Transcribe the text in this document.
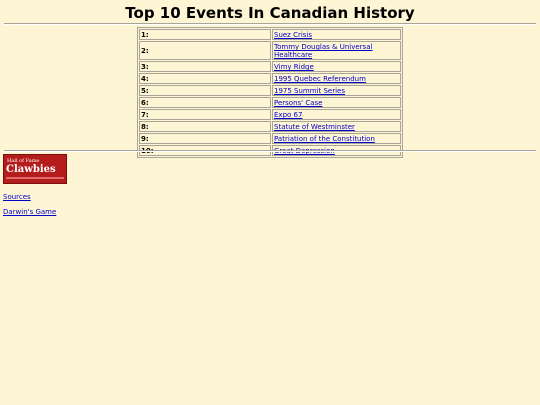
Top 10 Events In Canadian History
1:	Suez Crisis
2:	Tommy Douglas & Universal Healthcare
3:	Vimy Ridge
4:	1995 Quebec Referendum
5:	1975 Summit Series
6:	Persons' Case
7:	Expo 67
8:	Statute of Westminster
9:	Patriation of the Constitution
10:	Great Depression
Hall of Fame
Clawbies
Sources
Darwin's Game
